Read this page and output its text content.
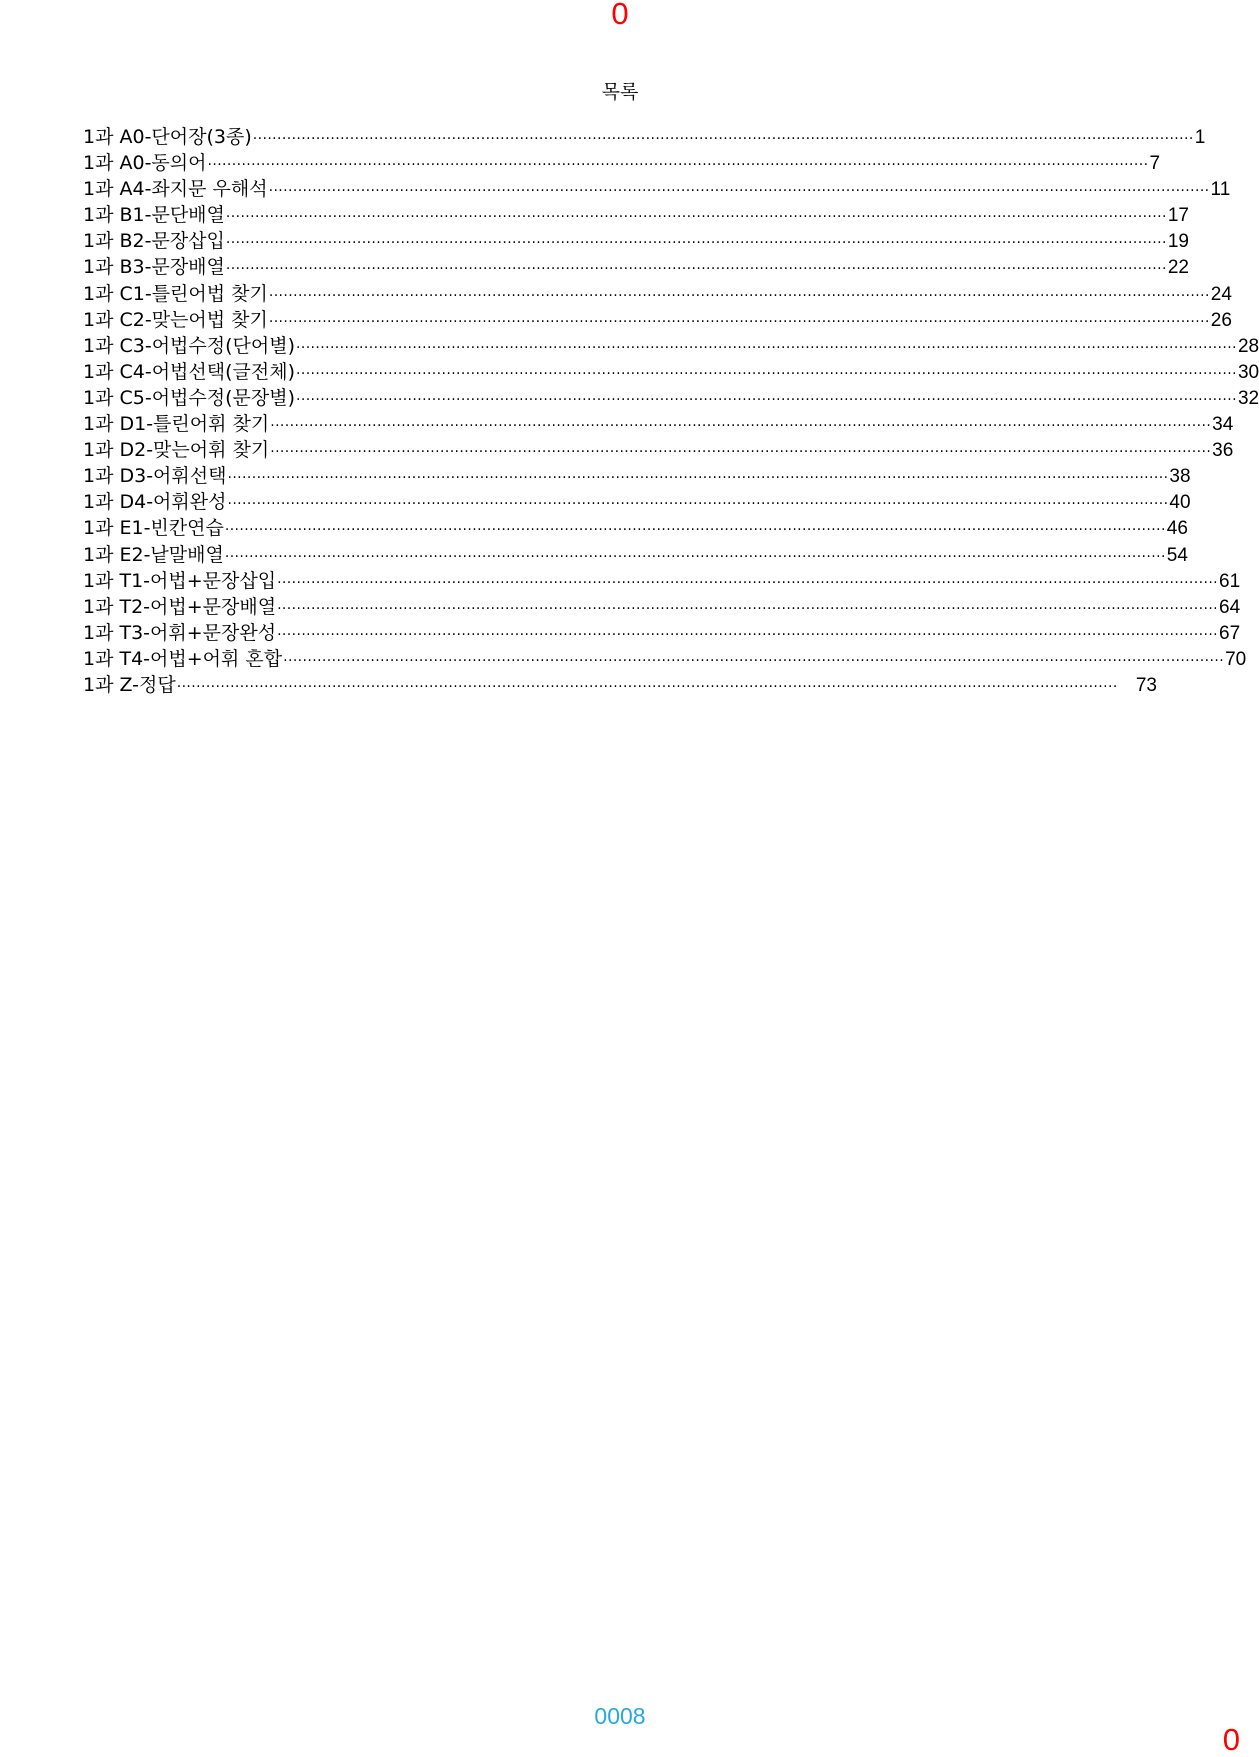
0
목록
1과 A0-단어장(3종) ·································································································································································································· 1
1과 A0-동의어 ·································································································································································································· 7
1과 A4-좌지문 우해석 ·································································································································································································· 11
1과 B1-문단배열 ·································································································································································································· 17
1과 B2-문장삽입 ·································································································································································································· 19
1과 B3-문장배열 ·································································································································································································· 22
1과 C1-틀린어법 찾기 ·································································································································································································· 24
1과 C2-맞는어법 찾기 ·································································································································································································· 26
1과 C3-어법수정(단어별) ·································································································································································································· 28
1과 C4-어법선택(글전체) ·································································································································································································· 30
1과 C5-어법수정(문장별) ·································································································································································································· 32
1과 D1-틀린어휘 찾기 ·································································································································································································· 34
1과 D2-맞는어휘 찾기 ·································································································································································································· 36
1과 D3-어휘선택 ·································································································································································································· 38
1과 D4-어휘완성 ·································································································································································································· 40
1과 E1-빈칸연습 ·································································································································································································· 46
1과 E2-낱말배열 ·································································································································································································· 54
1과 T1-어법+문장삽입 ·································································································································································································· 61
1과 T2-어법+문장배열 ·································································································································································································· 64
1과 T3-어휘+문장완성 ·································································································································································································· 67
1과 T4-어법+어휘 혼합 ·································································································································································································· 70
1과 Z-정답 ·································································································································································································· 73
0008
0
